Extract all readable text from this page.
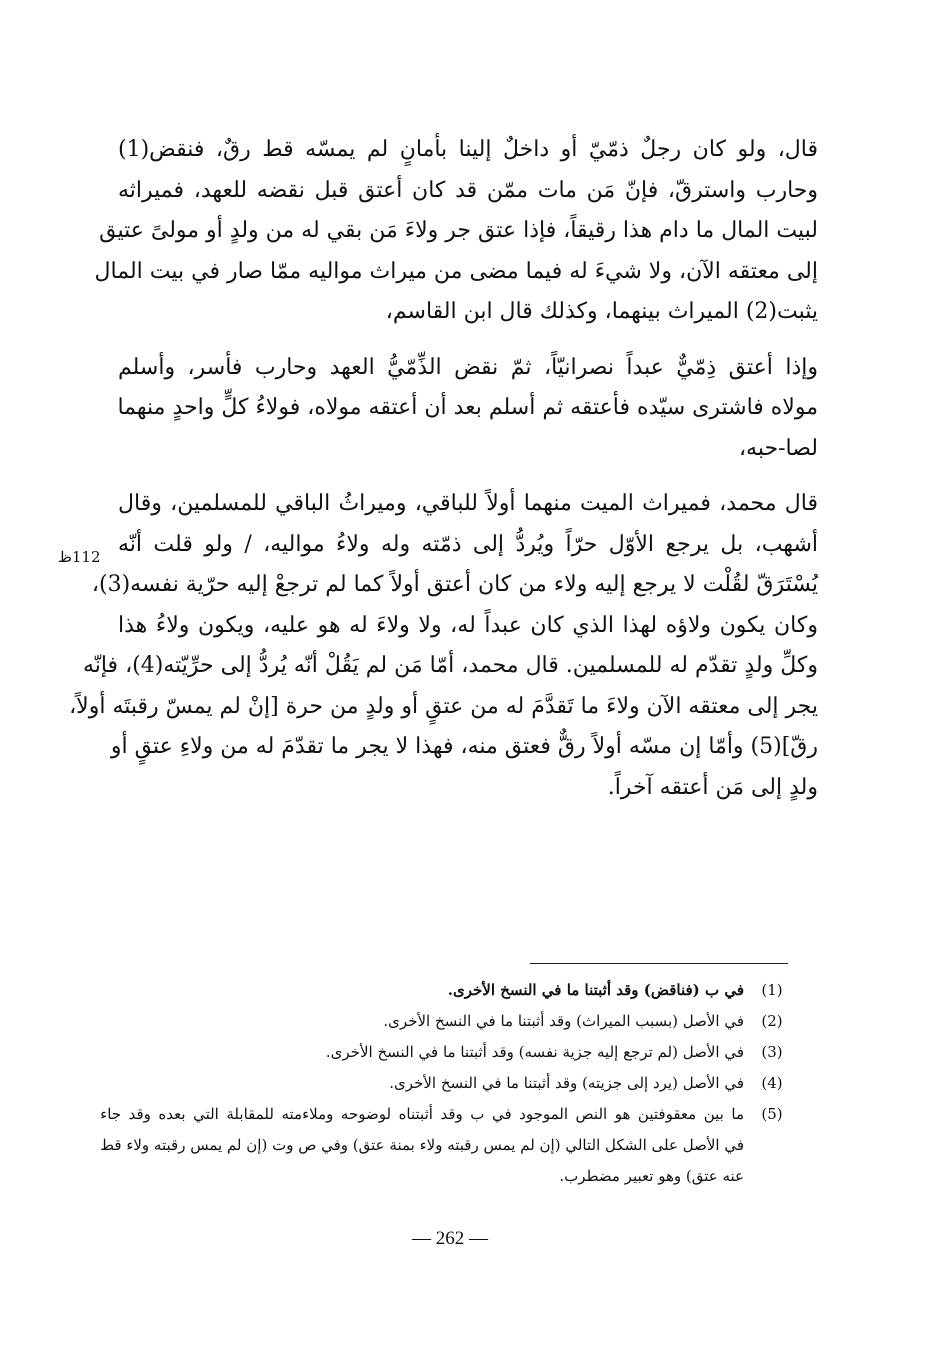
قال، ولو كان رجلٌ ذمّيّ أو داخلٌ إلينا بأمانٍ لم يمسّه قط رقٌ، فنقض(1)
وحارب واسترقّ، فإنّ مَن مات ممّن قد كان أعتق قبل نقضه للعهد، فميراثه
لبيت المال ما دام هذا رقيقاً، فإذا عتق جر ولاءَ مَن بقي له من ولدٍ أو مولىً عتيق
إلى معتقه الآن، ولا شيءَ له فيما مضى من ميراث مواليه ممّا صار في بيت المال
يثبت(2) الميراث بينهما، وكذلك قال ابن القاسم،
وإذا أعتق ذِمّيٌّ عبداً نصرانيّاً، ثمّ نقض الذِّمّيُّ العهد وحارب فأسر، وأسلم
مولاه فاشترى سيّده فأعتقه ثم أسلم بعد أن أعتقه مولاه، فولاءُ كلٍّ واحدٍ منهما
لصا-حبه،
قال محمد، فميراث الميت منهما أولاً للباقي، وميراثُ الباقي للمسلمين، وقال
أشهب، بل يرجع الأوّل حرّاً ويُردُّ إلى ذمّته وله ولاءُ مواليه، / ولو قلت أنّه
يُسْتَرَقّ لقُلْت لا يرجع إليه ولاء من كان أعتق أولاً كما لم ترجعْ إليه حرّية نفسه(3)،
وكان يكون ولاؤه لهذا الذي كان عبداً له، ولا ولاءَ له هو عليه، ويكون ولاءُ هذا
وكلِّ ولدٍ تقدّم له للمسلمين. قال محمد، أمّا مَن لم يَقُلْ أنّه يُردُّ إلى حرِّيّته(4)، فإنّه
يجر إلى معتقه الآن ولاءَ ما تَقدَّمَ له من عتقٍ أو ولدٍ من حرة [إنْ لم يمسّ رقبتَه أولاً،
رقّ](5) وأمّا إن مسّه أولاً رقٌّ فعتق منه، فهذا لا يجر ما تقدّمَ له من ولاءِ عتقٍ أو
ولدٍ إلى مَن أعتقه آخراً.
112ظ
(1)
في ب (فناقض) وقد أثبتنا ما في النسخ الأخرى.
(2)
في الأصل (بسبب الميراث) وقد أثبتنا ما في النسخ الأخرى.
(3)
في الأصل (لم ترجع إليه جزية نفسه) وقد أثبتنا ما في النسخ الأخرى.
(4)
في الأصل (يرد إلى جزيته) وقد أثبتنا ما في النسخ الأخرى.
(5)
ما بين معقوفتين هو النص الموجود في ب وقد أثبتناه لوضوحه وملاءمته للمقابلة التي بعده وقد جاء
في الأصل على الشكل التالي (إن لم يمس رقبته ولاء بمنة عتق) وفي ص وت (إن لم يمس رقبته ولاء قط
عنه عتق) وهو تعبير مضطرب.
— 262 —
